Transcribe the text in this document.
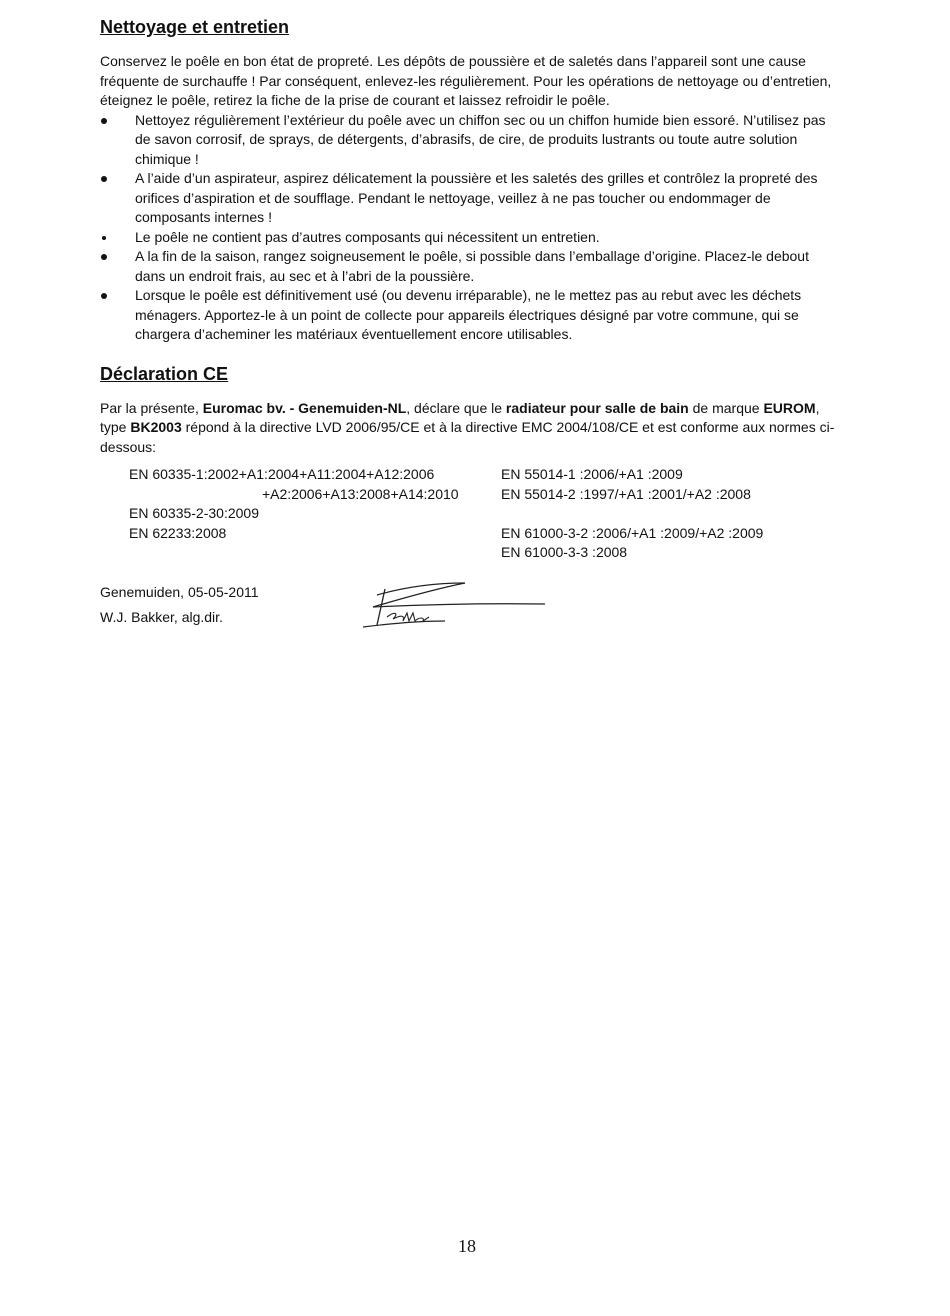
Nettoyage et entretien

Conservez le poêle en bon état de propreté. Les dépôts de poussière et de saletés dans l’appareil sont une cause fréquente de surchauffe ! Par conséquent, enlevez-les régulièrement. Pour les opérations de nettoyage ou d’entretien, éteignez le poêle, retirez la fiche de la prise de courant et laissez refroidir le poêle.

Nettoyez régulièrement l’extérieur du poêle avec un chiffon sec ou un chiffon humide bien essoré. N’utilisez pas de savon corrosif, de sprays, de détergents, d’abrasifs, de cire, de produits lustrants ou toute autre solution chimique !
A l’aide d’un aspirateur, aspirez délicatement la poussière et les saletés des grilles et contrôlez la propreté des orifices d’aspiration et de soufflage. Pendant le nettoyage, veillez à ne pas toucher ou endommager de composants internes !
Le poêle ne contient pas d’autres composants qui nécessitent un entretien.
A la fin de la saison, rangez soigneusement le poêle, si possible dans l’emballage d’origine. Placez-le debout dans un endroit frais, au sec et à l’abri de la poussière.
Lorsque le poêle est définitivement usé (ou devenu irréparable), ne le mettez pas au rebut avec les déchets ménagers. Apportez-le à un point de collecte pour appareils électriques désigné par votre commune, qui se chargera d’acheminer les matériaux éventuellement encore utilisables.
Déclaration CE

Par la présente, Euromac bv. - Genemuiden-NL, déclare que le radiateur pour salle de bain de marque EUROM, type BK2003 répond à la directive LVD 2006/95/CE et à la directive EMC 2004/108/CE et est conforme aux normes ci-dessous:

EN 60335-1:2002+A1:2004+A11:2004+A12:2006
+A2:2006+A13:2008+A14:2010
EN 60335-2-30:2009
EN 62233:2008
EN 55014-1 :2006/+A1 :2009
EN 55014-2 :1997/+A1 :2001/+A2 :2008
EN 61000-3-2 :2006/+A1 :2009/+A2 :2009
EN 61000-3-3 :2008
Genemuiden, 05-05-2011
W.J. Bakker, alg.dir.
18
